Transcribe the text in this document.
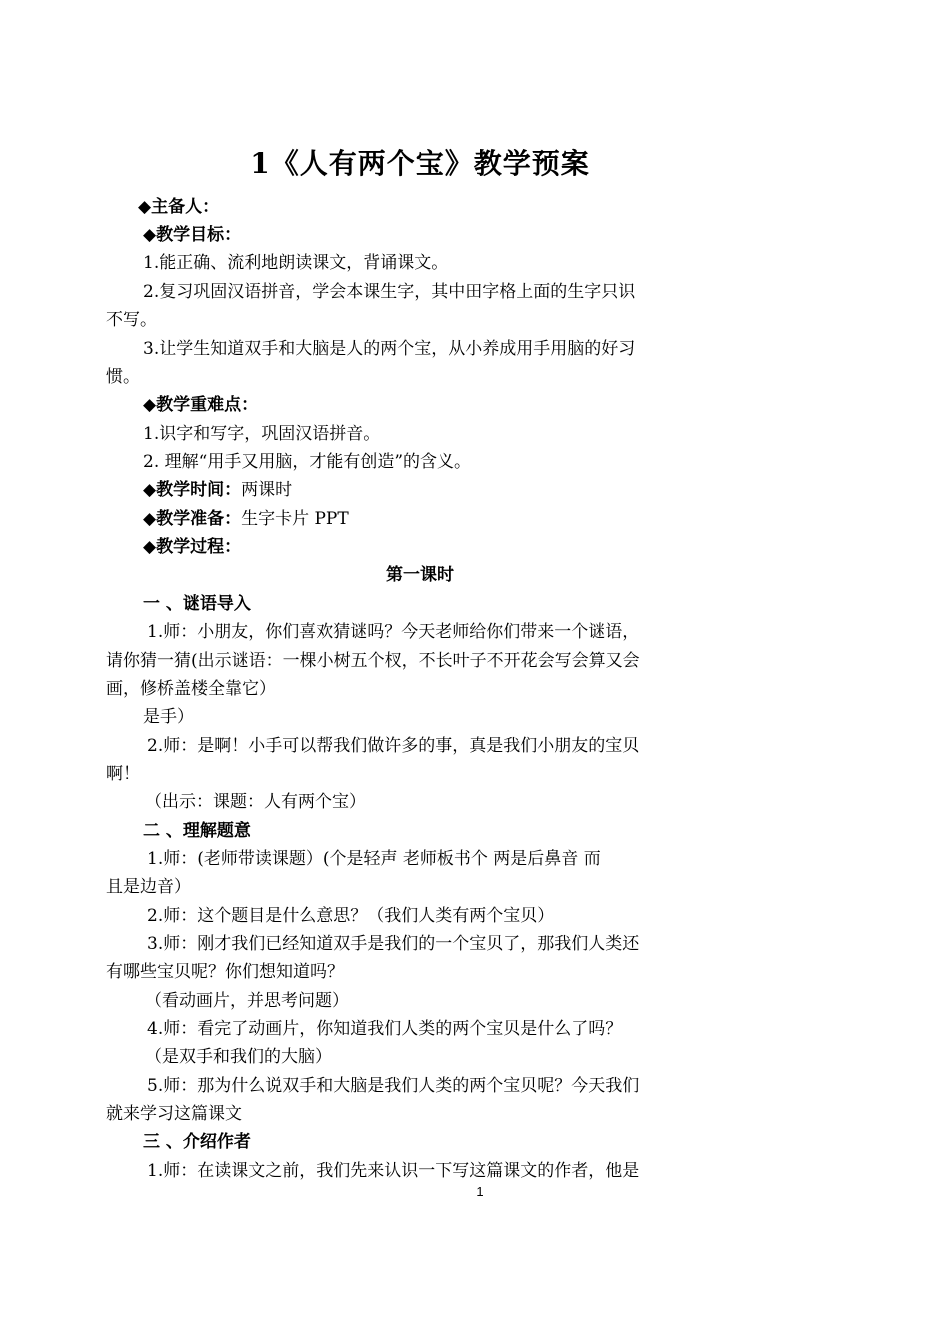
1《人有两个宝》教学预案
◆主备人：
◆教学目标：
1.能正确、流利地朗读课文，背诵课文。
2.复习巩固汉语拼音，学会本课生字，其中田字格上面的生字只识
不写。
3.让学生知道双手和大脑是人的两个宝，从小养成用手用脑的好习
惯。
◆教学重难点：
1.识字和写字，巩固汉语拼音。
2. 理解“用手又用脑，才能有创造”的含义。
◆教学时间：两课时
◆教学准备：生字卡片 PPT
◆教学过程：
第一课时
一 、谜语导入
1.师：小朋友，你们喜欢猜谜吗？今天老师给你们带来一个谜语，
请你猜一猜(出示谜语：一棵小树五个杈，不长叶子不开花会写会算又会
画，修桥盖楼全靠它）
是手）
2.师：是啊！小手可以帮我们做许多的事，真是我们小朋友的宝贝
啊！
（出示：课题：人有两个宝）
二 、理解题意
1.师：(老师带读课题）(个是轻声 老师板书个 两是后鼻音 而
且是边音）
2.师：这个题目是什么意思？（我们人类有两个宝贝）
3.师：刚才我们已经知道双手是我们的一个宝贝了，那我们人类还
有哪些宝贝呢？你们想知道吗？
（看动画片，并思考问题）
4.师：看完了动画片，你知道我们人类的两个宝贝是什么了吗？
（是双手和我们的大脑）
5.师：那为什么说双手和大脑是我们人类的两个宝贝呢？今天我们
就来学习这篇课文
三 、介绍作者
1.师：在读课文之前，我们先来认识一下写这篇课文的作者，他是
1
